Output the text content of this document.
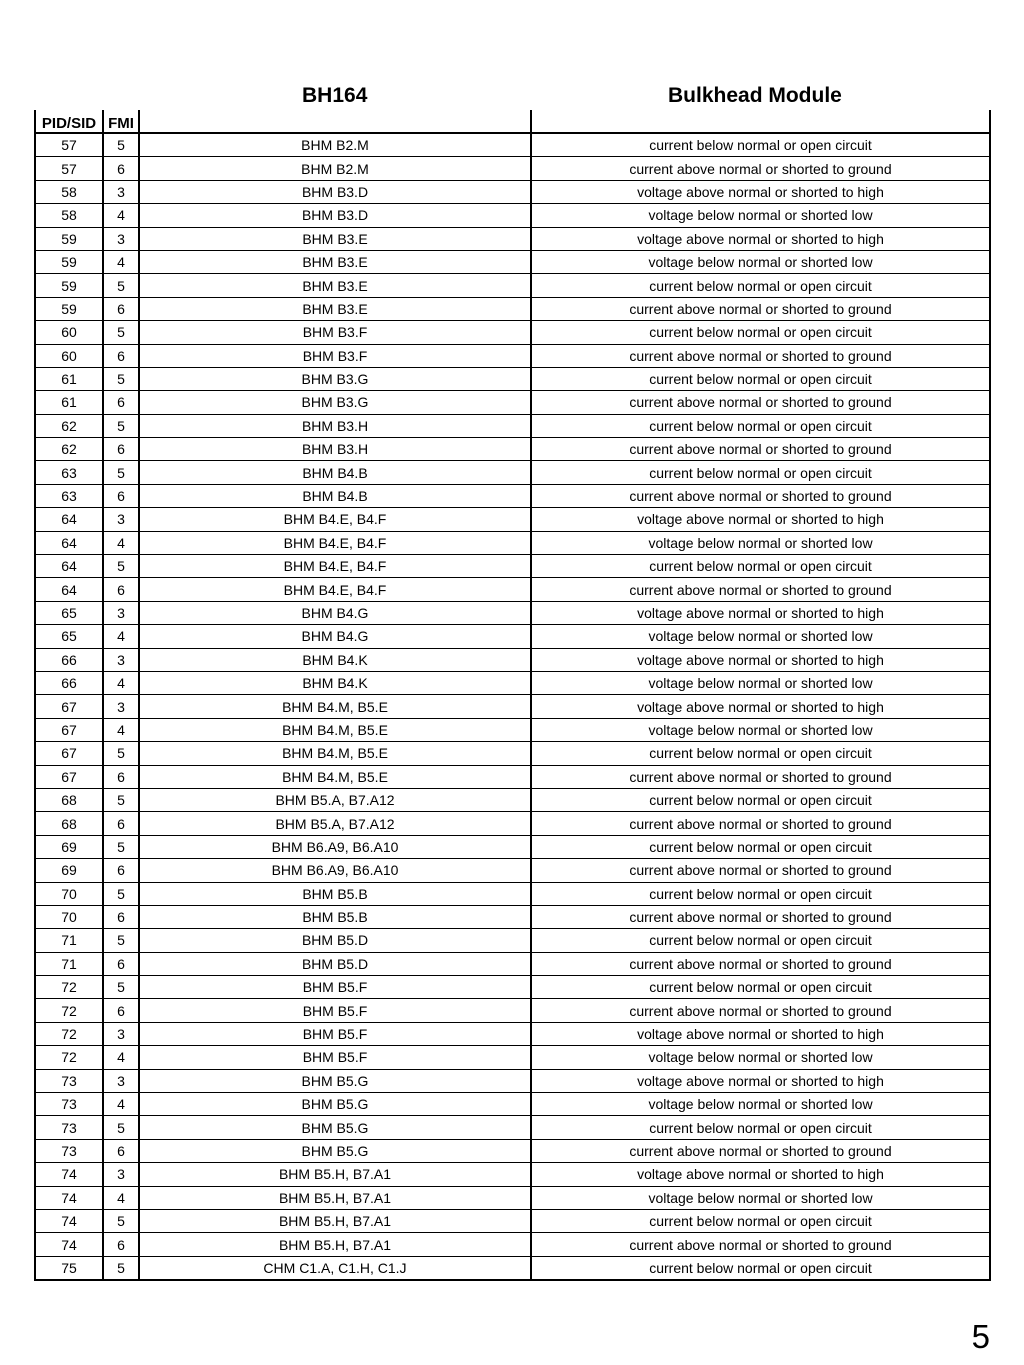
BH164	Bulkhead Module
PID/SID	FMI		
57	5	BHM B2.M	current below normal or open circuit
57	6	BHM B2.M	current above normal or shorted to ground
58	3	BHM B3.D	voltage above normal or shorted to high
58	4	BHM B3.D	voltage below normal or shorted low
59	3	BHM B3.E	voltage above normal or shorted to high
59	4	BHM B3.E	voltage below normal or shorted low
59	5	BHM B3.E	current below normal or open circuit
59	6	BHM B3.E	current above normal or shorted to ground
60	5	BHM B3.F	current below normal or open circuit
60	6	BHM B3.F	current above normal or shorted to ground
61	5	BHM B3.G	current below normal or open circuit
61	6	BHM B3.G	current above normal or shorted to ground
62	5	BHM B3.H	current below normal or open circuit
62	6	BHM B3.H	current above normal or shorted to ground
63	5	BHM B4.B	current below normal or open circuit
63	6	BHM B4.B	current above normal or shorted to ground
64	3	BHM B4.E, B4.F	voltage above normal or shorted to high
64	4	BHM B4.E, B4.F	voltage below normal or shorted low
64	5	BHM B4.E, B4.F	current below normal or open circuit
64	6	BHM B4.E, B4.F	current above normal or shorted to ground
65	3	BHM B4.G	voltage above normal or shorted to high
65	4	BHM B4.G	voltage below normal or shorted low
66	3	BHM B4.K	voltage above normal or shorted to high
66	4	BHM B4.K	voltage below normal or shorted low
67	3	BHM B4.M, B5.E	voltage above normal or shorted to high
67	4	BHM B4.M, B5.E	voltage below normal or shorted low
67	5	BHM B4.M, B5.E	current below normal or open circuit
67	6	BHM B4.M, B5.E	current above normal or shorted to ground
68	5	BHM B5.A, B7.A12	current below normal or open circuit
68	6	BHM B5.A, B7.A12	current above normal or shorted to ground
69	5	BHM B6.A9, B6.A10	current below normal or open circuit
69	6	BHM B6.A9, B6.A10	current above normal or shorted to ground
70	5	BHM B5.B	current below normal or open circuit
70	6	BHM B5.B	current above normal or shorted to ground
71	5	BHM B5.D	current below normal or open circuit
71	6	BHM B5.D	current above normal or shorted to ground
72	5	BHM B5.F	current below normal or open circuit
72	6	BHM B5.F	current above normal or shorted to ground
72	3	BHM B5.F	voltage above normal or shorted to high
72	4	BHM B5.F	voltage below normal or shorted low
73	3	BHM B5.G	voltage above normal or shorted to high
73	4	BHM B5.G	voltage below normal or shorted low
73	5	BHM B5.G	current below normal or open circuit
73	6	BHM B5.G	current above normal or shorted to ground
74	3	BHM B5.H, B7.A1	voltage above normal or shorted to high
74	4	BHM B5.H, B7.A1	voltage below normal or shorted low
74	5	BHM B5.H, B7.A1	current below normal or open circuit
74	6	BHM B5.H, B7.A1	current above normal or shorted to ground
75	5	CHM C1.A, C1.H, C1.J	current below normal or open circuit
5
